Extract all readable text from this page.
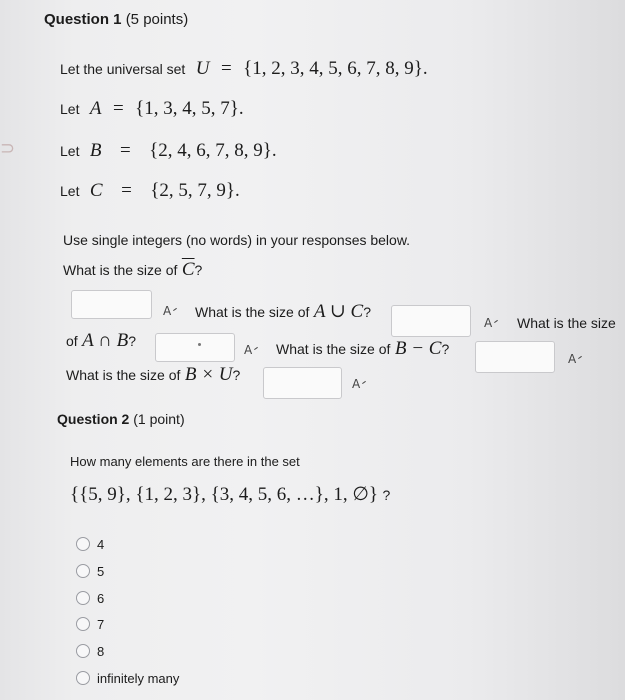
⊃
Question 1 (5 points)
Let the universal set U = {1, 2, 3, 4, 5, 6, 7, 8, 9}.
Let A = {1, 3, 4, 5, 7}.
Let B = {2, 4, 6, 7, 8, 9}.
Let C = {2, 5, 7, 9}.
Use single integers (no words) in your responses below.
What is the size of $\overline{C}$?
A What is the size of A ∪ C?
A What is the size
of A ∩ B?
A What is the size of B − C?
A
What is the size of B × U?
A
Question 2 (1 point)
How many elements are there in the set
{{5, 9}, {1, 2, 3}, {3, 4, 5, 6, …}, 1, ∅} ?
4
5
6
7
8
infinitely many
